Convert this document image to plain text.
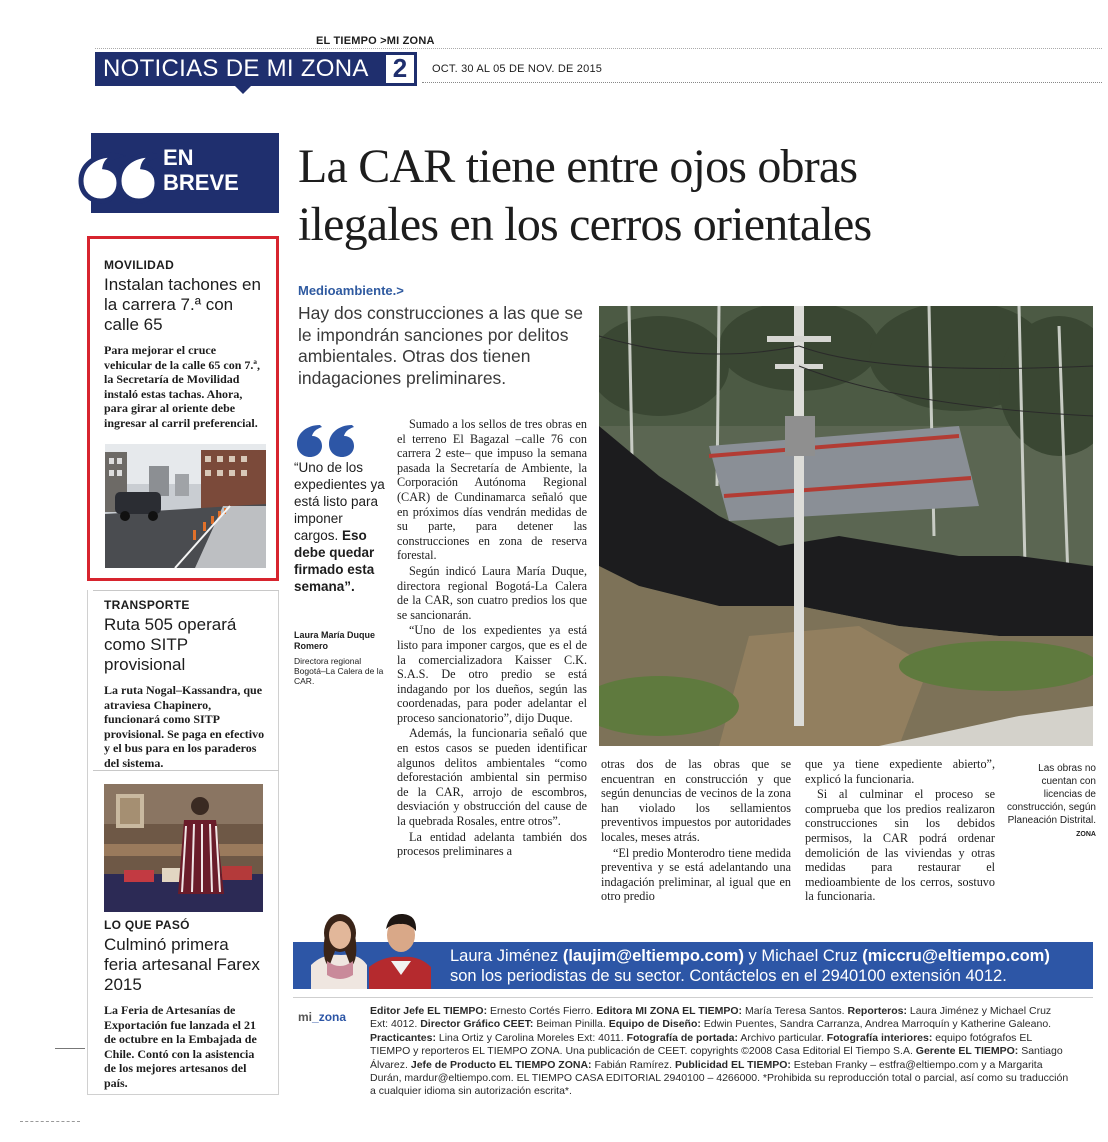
EL TIEMPO >MI ZONA
NOTICIAS DE MI ZONA 2	OCT. 30 AL 05 DE NOV. DE 2015
EN
BREVE
MOVILIDAD
Instalan tachones en la carrera 7.ª con calle 65
Para mejorar el cruce vehicular de la calle 65 con 7.ª, la Secretaría de Movilidad instaló estas tachas. Ahora, para girar al oriente debe ingresar al carril preferencial.
TRANSPORTE
Ruta 505 operará como SITP provisional
La ruta Nogal–Kassandra, que atraviesa Chapinero, funcionará como SITP provisional. Se paga en efectivo y el bus para en los paraderos del sistema.
LO QUE PASÓ
Culminó primera feria artesanal Farex 2015
La Feria de Artesanías de Exportación fue lanzada el 21 de octubre en la Embajada de Chile. Contó con la asistencia de los mejores artesanos del país.
La CAR tiene entre ojos obras
ilegales en los cerros orientales
Medioambiente.>
Hay dos construcciones a las que se le impondrán sanciones por delitos ambientales. Otras dos tienen indagaciones preliminares.
“Uno de los expedientes ya está listo para imponer cargos. Eso debe quedar firmado esta semana”.
Laura María Duque Romero
Directora regional Bogotá–La Calera de la CAR.

Sumado a los sellos de tres obras en el terreno El Bagazal –calle 76 con carrera 2 este– que impuso la semana pasada la Secretaría de Ambiente, la Corporación Autónoma Regional (CAR) de Cundinamarca señaló que en próximos días vendrán medidas de su parte, para detener las construcciones en zona de reserva forestal.

Según indicó Laura María Duque, directora regional Bogotá-La Calera de la CAR, son cuatro predios los que se sancionarán.

“Uno de los expedientes ya está listo para imponer cargos, que es el de la comercializadora Kaisser C.K. S.A.S. De otro predio se está indagando por los dueños, según las coordenadas, para poder adelantar el proceso sancionatorio”, dijo Duque.

Además, la funcionaria señaló que en estos casos se pueden identificar algunos delitos ambientales “como deforestación ambiental sin permiso de la CAR, arrojo de escombros, desviación y obstrucción del cause de la quebrada Rosales, entre otros”.

La entidad adelanta también dos procesos preliminares a

otras dos de las obras que se encuentran en construcción y que según denuncias de vecinos de la zona han violado los sellamientos preventivos impuestos por autoridades locales, meses atrás.

“El predio Monterodro tiene medida preventiva y se está adelantando una indagación preliminar, al igual que en otro predio

que ya tiene expediente abierto”, explicó la funcionaria.

Si al culminar el proceso se comprueba que los predios realizaron construcciones sin los debidos permisos, la CAR podrá ordenar demolición de las viviendas y otras medidas para restaurar el medioambiente de los cerros, sostuvo la funcionaria.

Las obras no cuentan con licencias de construcción, según Planeación Distrital. ZONA
Laura Jiménez (laujim@eltiempo.com) y Michael Cruz (miccru@eltiempo.com)
son los periodistas de su sector. Contáctelos en el 2940100 extensión 4012.
mi_zona Editor Jefe EL TIEMPO: Ernesto Cortés Fierro. Editora MI ZONA EL TIEMPO: María Teresa Santos. Reporteros: Laura Jiménez y Michael Cruz Ext: 4012. Director Gráfico CEET: Beiman Pinilla. Equipo de Diseño: Edwin Puentes, Sandra Carranza, Andrea Marroquín y Katherine Galeano. Practicantes: Lina Ortiz y Carolina Moreles Ext: 4011. Fotografía de portada: Archivo particular. Fotografía interiores: equipo fotógrafos EL TIEMPO y reporteros EL TIEMPO ZONA. Una publicación de CEET. copyrights ©2008 Casa Editorial El Tiempo S.A. Gerente EL TIEMPO: Santiago Álvarez. Jefe de Producto EL TIEMPO ZONA: Fabián Ramírez. Publicidad EL TIEMPO: Esteban Franky – estfra@eltiempo.com y a Margarita Durán, mardur@eltiempo.com. EL TIEMPO CASA EDITORIAL 2940100 – 4266000. *Prohibida su reproducción total o parcial, así como su traducción a cualquier idioma sin autorización escrita*.
